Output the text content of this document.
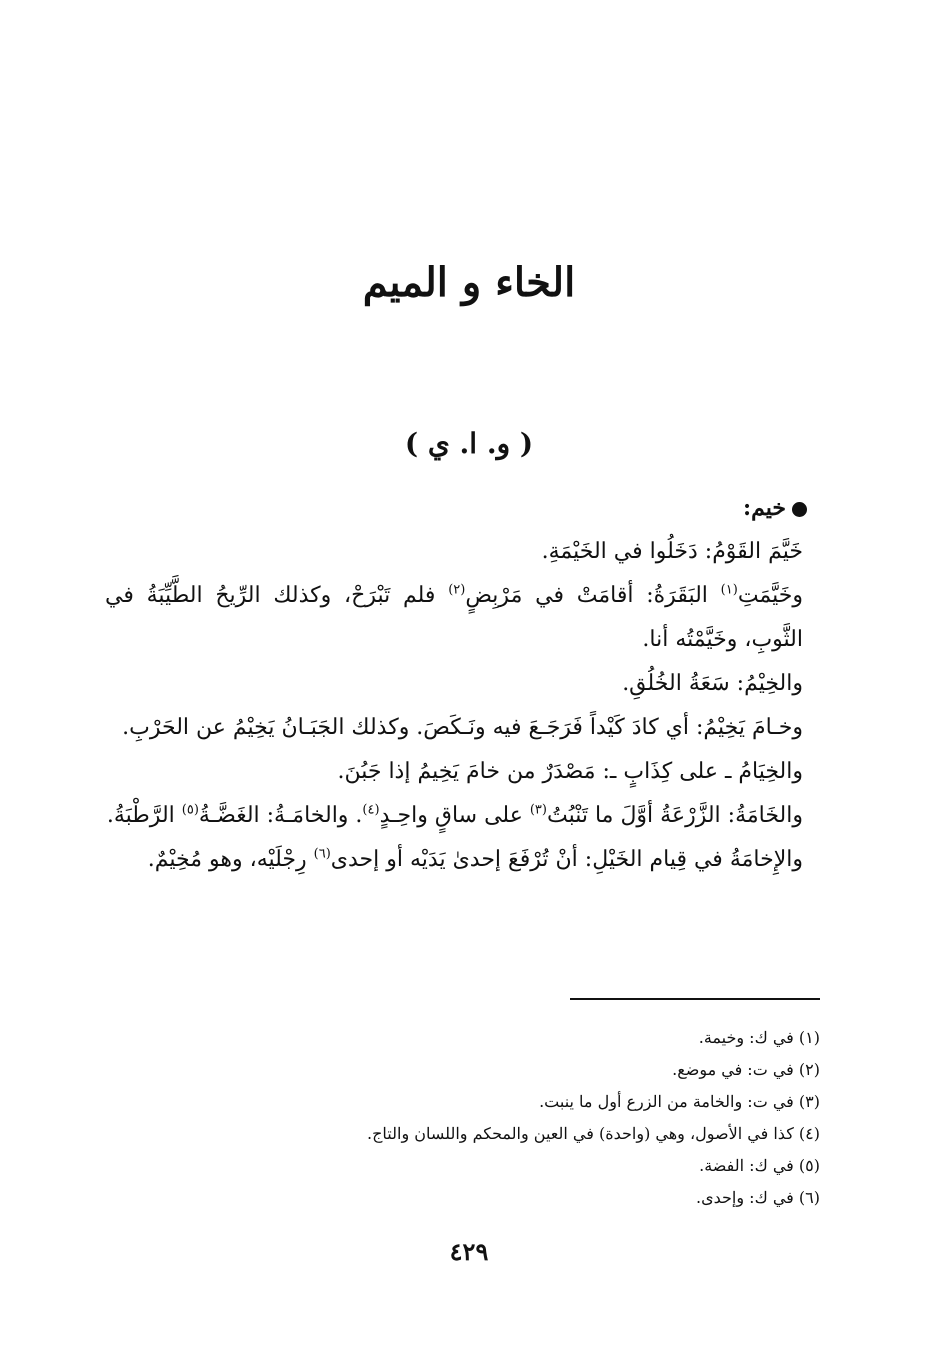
الخاء و الميم
( و. ا. ي )

خيم:

خَيَّمَ القَوْمُ: دَخَلُوا في الخَيْمَةِ.

وخَيَّمَتِ$^{(١)}$ البَقَرَةُ: أقامَتْ في مَرْبِضٍ$^{(٢)}$ فلم تَبْرَحْ، وكذلك الرِّيحُ الطَّيِّبَةُ في الثَّوبِ، وخَيَّمْتُه أنا.

والخِيْمُ: سَعَةُ الخُلُقِ.

وخـامَ يَخِيْمُ: أي كادَ كَيْداً فَرَجَـعَ فيه ونَـكَصَ. وكذلك الجَبَـانُ يَخِيْمُ عن الحَرْبِ.

والخِيَامُ ـ على كِذَابٍ ـ: مَصْدَرٌ من خامَ يَخِيمُ إذا جَبُنَ.

والخَامَةُ: الزَّرْعَةُ أوَّلَ ما تَنْبُتُ$^{(٣)}$ على ساقٍ واحِـدٍ$^{(٤)}$. والخامَـةُ: الغَضَّـةُ$^{(٥)}$ الرَّطْبَةُ.

والإِخامَةُ في قِيام الخَيْلِ: أنْ تُرْفَعَ إحدىٰ يَدَيْه أو إحدى$^{(٦)}$ رِجْلَيْه، وهو مُخِيْمٌ.

(١) في ك: وخيمة.
(٢) في ت: في موضع.
(٣) في ت: والخامة من الزرع أول ما ينبت.
(٤) كذا في الأصول، وهي (واحدة) في العين والمحكم واللسان والتاج.
(٥) في ك: الفضة.
(٦) في ك: وإحدى.
٤٢٩
